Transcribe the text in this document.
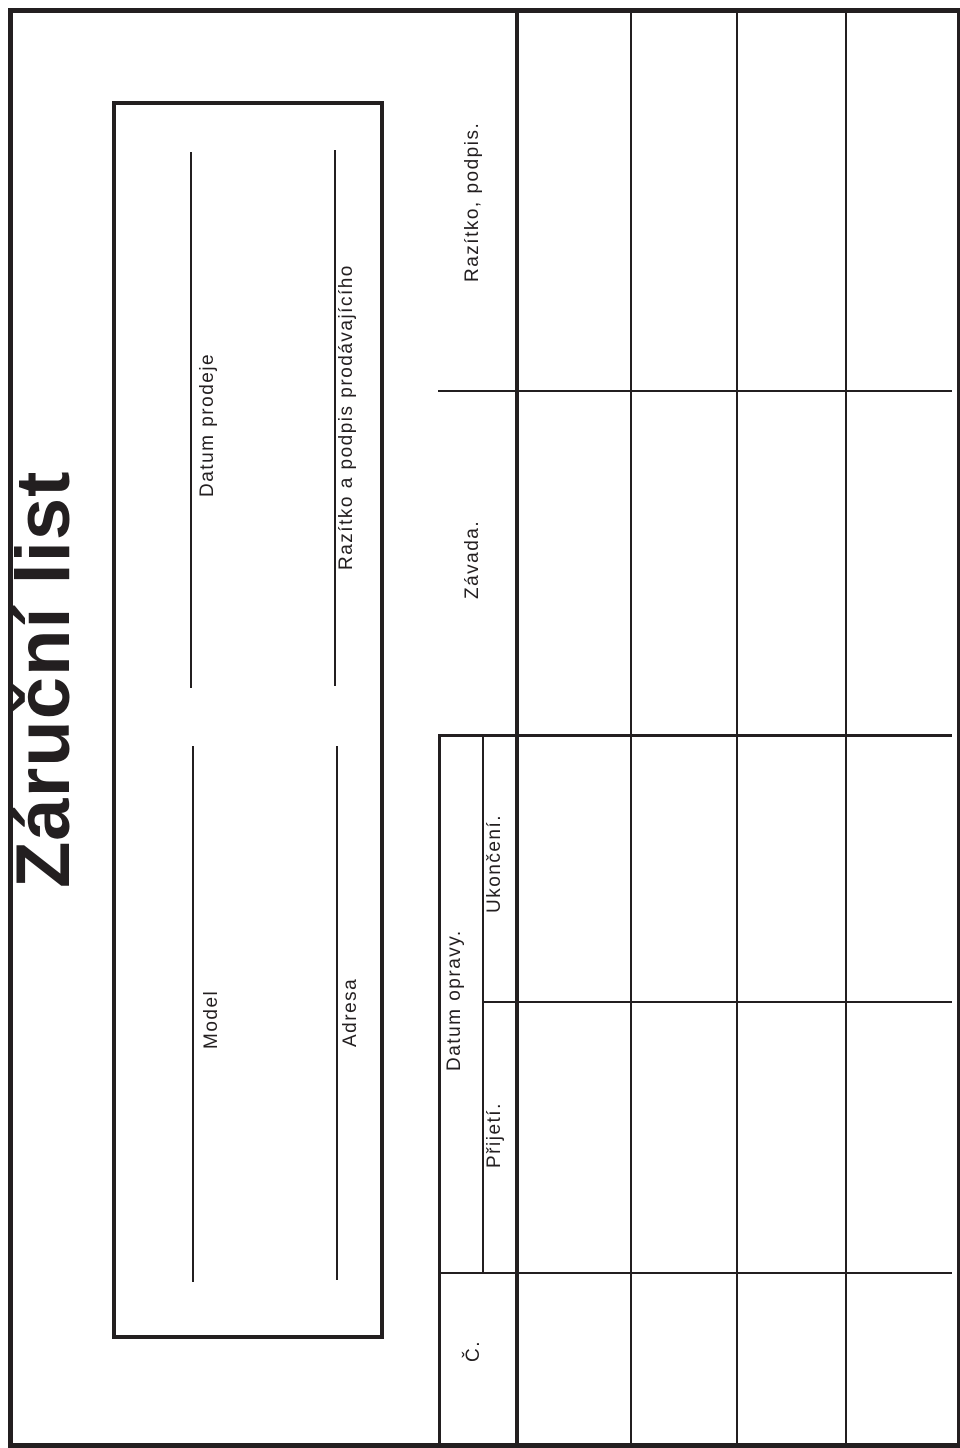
Záruční list
Model
Datum prodeje
Adresa
Razítko a podpis prodávajícího
Č.
Datum opravy.
Přijetí.
Ukončení.
Závada.
Razítko, podpis.
